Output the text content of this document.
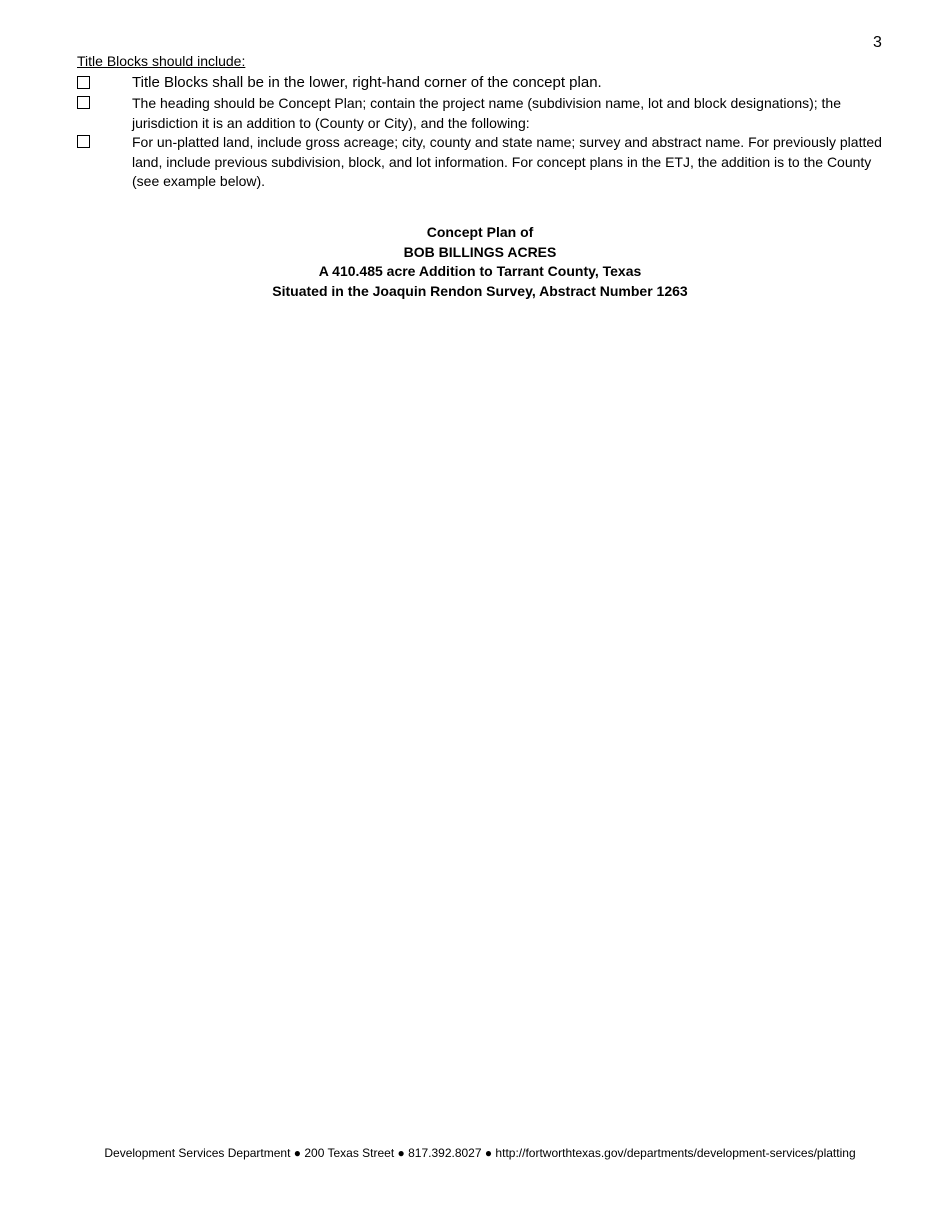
3
Title Blocks should include:
Title Blocks shall be in the lower, right-hand corner of the concept plan.
The heading should be Concept Plan; contain the project name (subdivision name, lot and block designations); the jurisdiction it is an addition to (County or City), and the following:
For un-platted land, include gross acreage; city, county and state name; survey and abstract name. For previously platted land, include previous subdivision, block, and lot information. For concept plans in the ETJ, the addition is to the County (see example below).
Concept Plan of
BOB BILLINGS ACRES
A 410.485 acre Addition to Tarrant County, Texas
Situated in the Joaquin Rendon Survey, Abstract Number 1263
Development Services Department ● 200 Texas Street ● 817.392.8027 ● http://fortworthtexas.gov/departments/development-services/platting
